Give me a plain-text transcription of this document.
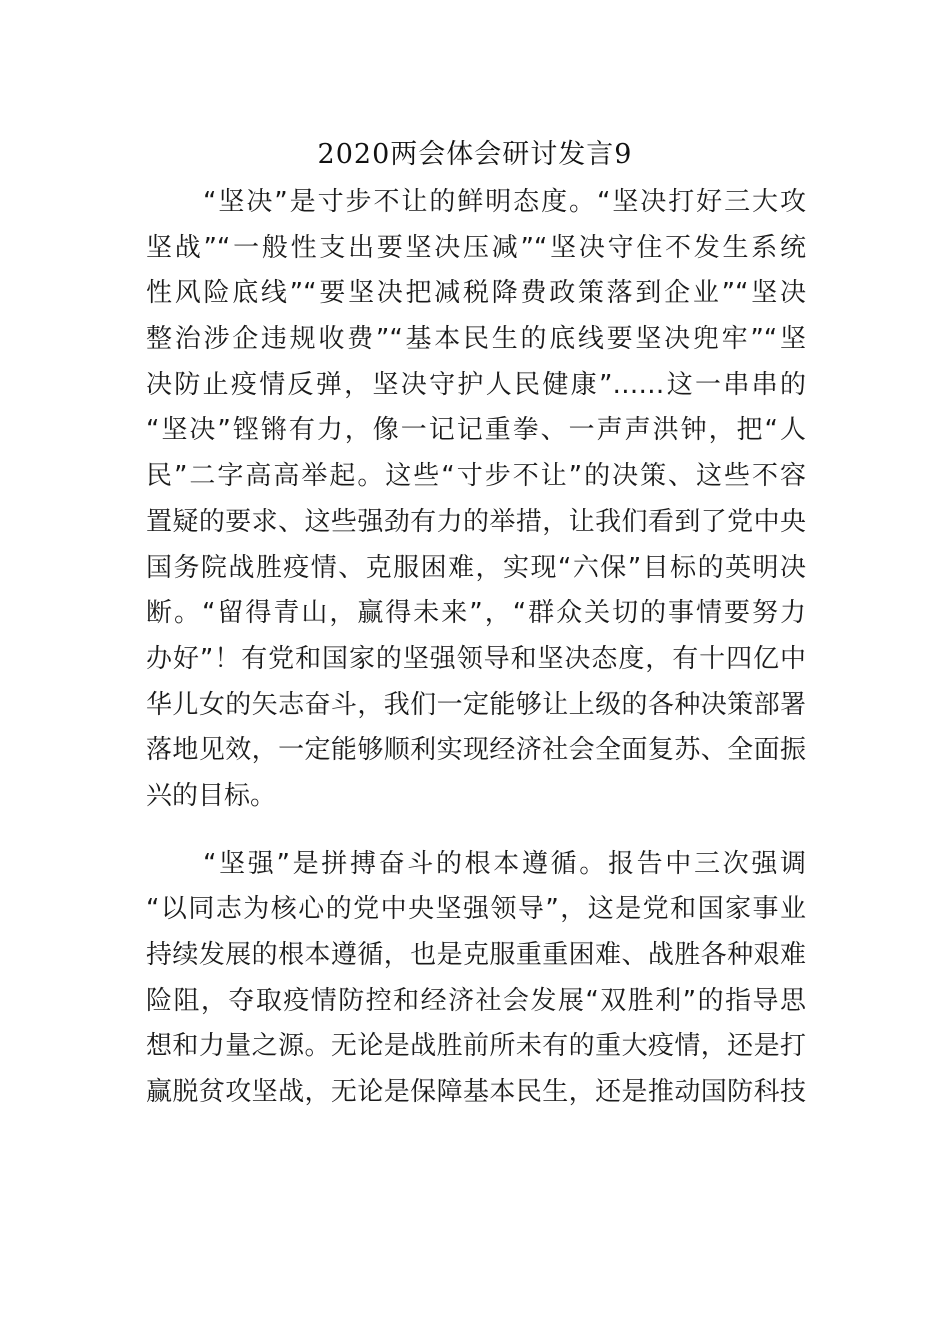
2020两会体会研讨发言9
“坚决”是寸步不让的鲜明态度。“坚决打好三大攻
坚战”“一般性支出要坚决压减”“坚决守住不发生系统
性风险底线”“要坚决把减税降费政策落到企业”“坚决
整治涉企违规收费”“基本民生的底线要坚决兜牢”“坚
决防止疫情反弹，坚决守护人民健康”……这一串串的
“坚决”铿锵有力，像一记记重拳、一声声洪钟，把“人
民”二字高高举起。这些“寸步不让”的决策、这些不容
置疑的要求、这些强劲有力的举措，让我们看到了党中央
国务院战胜疫情、克服困难，实现“六保”目标的英明决
断。“留得青山，赢得未来”，“群众关切的事情要努力
办好”！有党和国家的坚强领导和坚决态度，有十四亿中
华儿女的矢志奋斗，我们一定能够让上级的各种决策部署
落地见效，一定能够顺利实现经济社会全面复苏、全面振
兴的目标。
“坚强”是拼搏奋斗的根本遵循。报告中三次强调
“以同志为核心的党中央坚强领导”，这是党和国家事业
持续发展的根本遵循，也是克服重重困难、战胜各种艰难
险阻，夺取疫情防控和经济社会发展“双胜利”的指导思
想和力量之源。无论是战胜前所未有的重大疫情，还是打
赢脱贫攻坚战，无论是保障基本民生，还是推动国防科技
